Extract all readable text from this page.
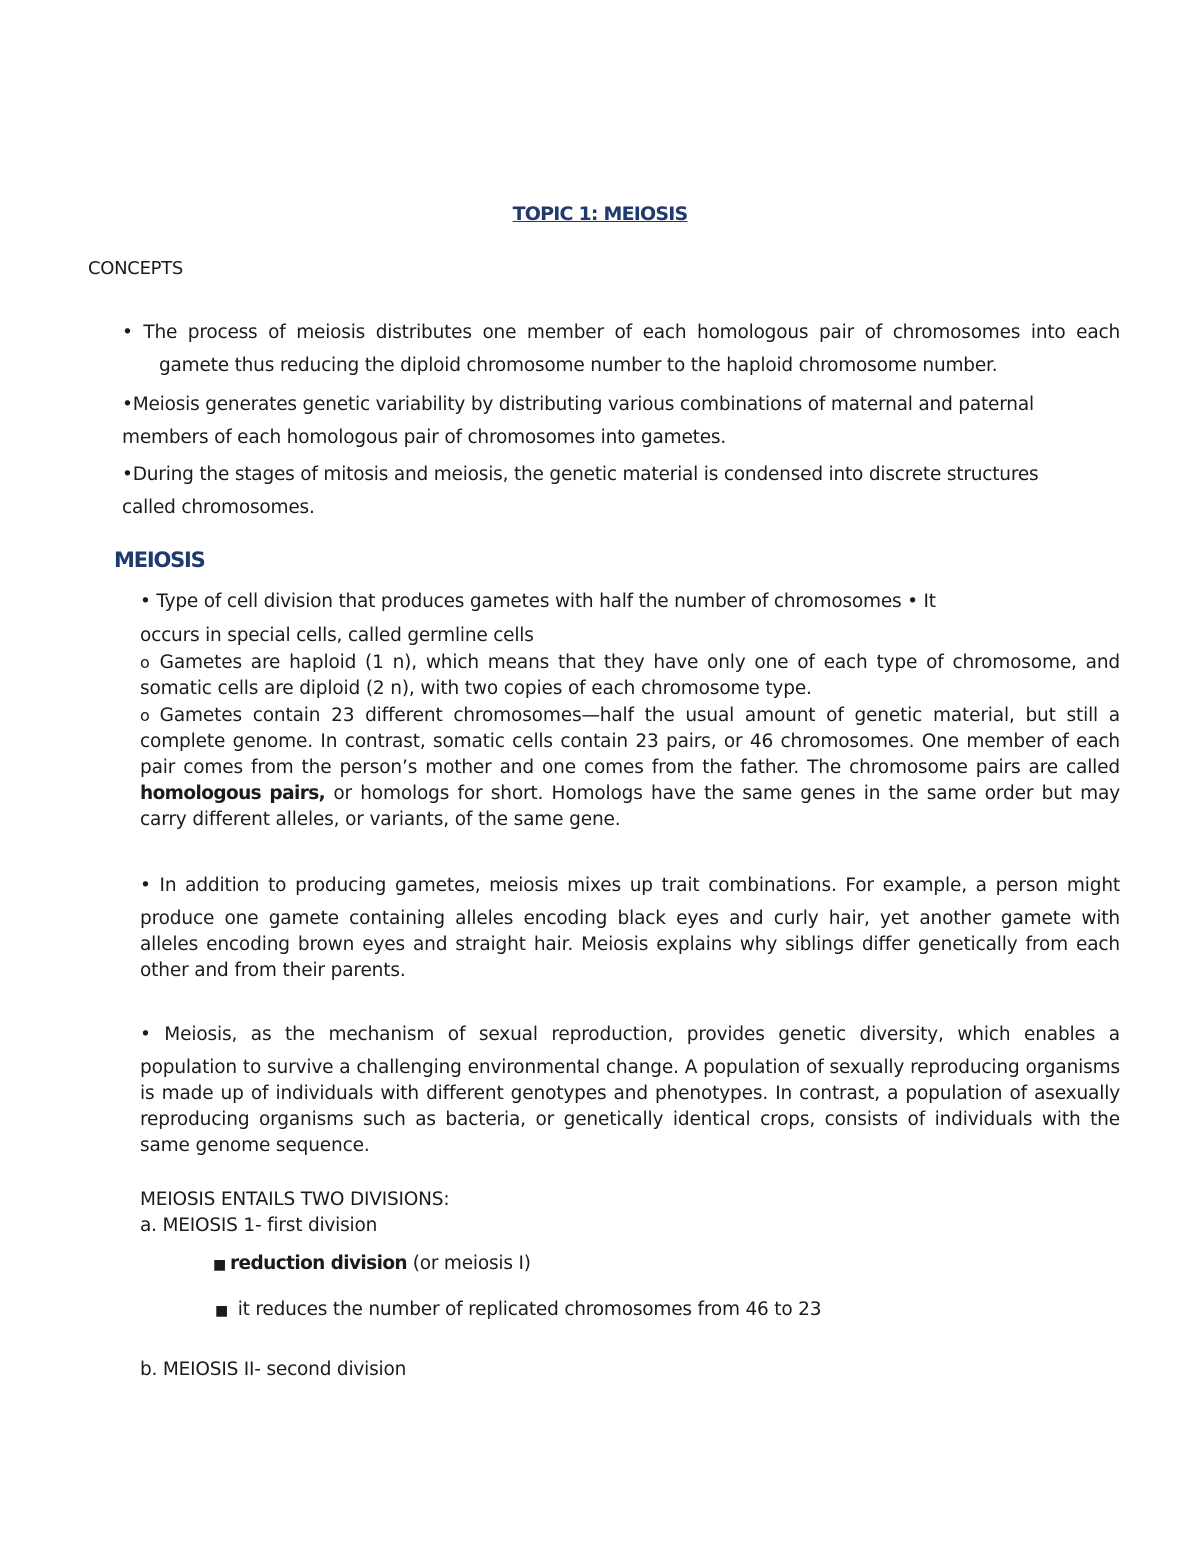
TOPIC 1: MEIOSIS
CONCEPTS
• The process of meiosis distributes one member of each homologous pair of chromosomes into each
gamete thus reducing the diploid chromosome number to the haploid chromosome number.
•Meiosis generates genetic variability by distributing various combinations of maternal and paternal
members of each homologous pair of chromosomes into gametes.
•During the stages of mitosis and meiosis, the genetic material is condensed into discrete structures
called chromosomes.
MEIOSIS
• Type of cell division that produces gametes with half the number of chromosomes • It
occurs in special cells, called germline cells
o Gametes are haploid (1 n), which means that they have only one of each type of chromosome, and somatic cells are diploid (2 n), with two copies of each chromosome type.
o Gametes contain 23 different chromosomes—half the usual amount of genetic material, but still a complete genome. In contrast, somatic cells contain 23 pairs, or 46 chromosomes. One member of each pair comes from the person’s mother and one comes from the father. The chromosome pairs are called homologous pairs, or homologs for short. Homologs have the same genes in the same order but may carry different alleles, or variants, of the same gene.
• In addition to producing gametes, meiosis mixes up trait combinations. For example, a person might
produce one gamete containing alleles encoding black eyes and curly hair, yet another gamete with alleles encoding brown eyes and straight hair. Meiosis explains why siblings differ genetically from each other and from their parents.
• Meiosis, as the mechanism of sexual reproduction, provides genetic diversity, which enables a
population to survive a challenging environmental change. A population of sexually reproducing organisms is made up of individuals with different genotypes and phenotypes. In contrast, a population of asexually reproducing organisms such as bacteria, or genetically identical crops, consists of individuals with the same genome sequence.
MEIOSIS ENTAILS TWO DIVISIONS:
a. MEIOSIS 1- first division
■ reduction division (or meiosis I)
■ it reduces the number of replicated chromosomes from 46 to 23
b. MEIOSIS II- second division
